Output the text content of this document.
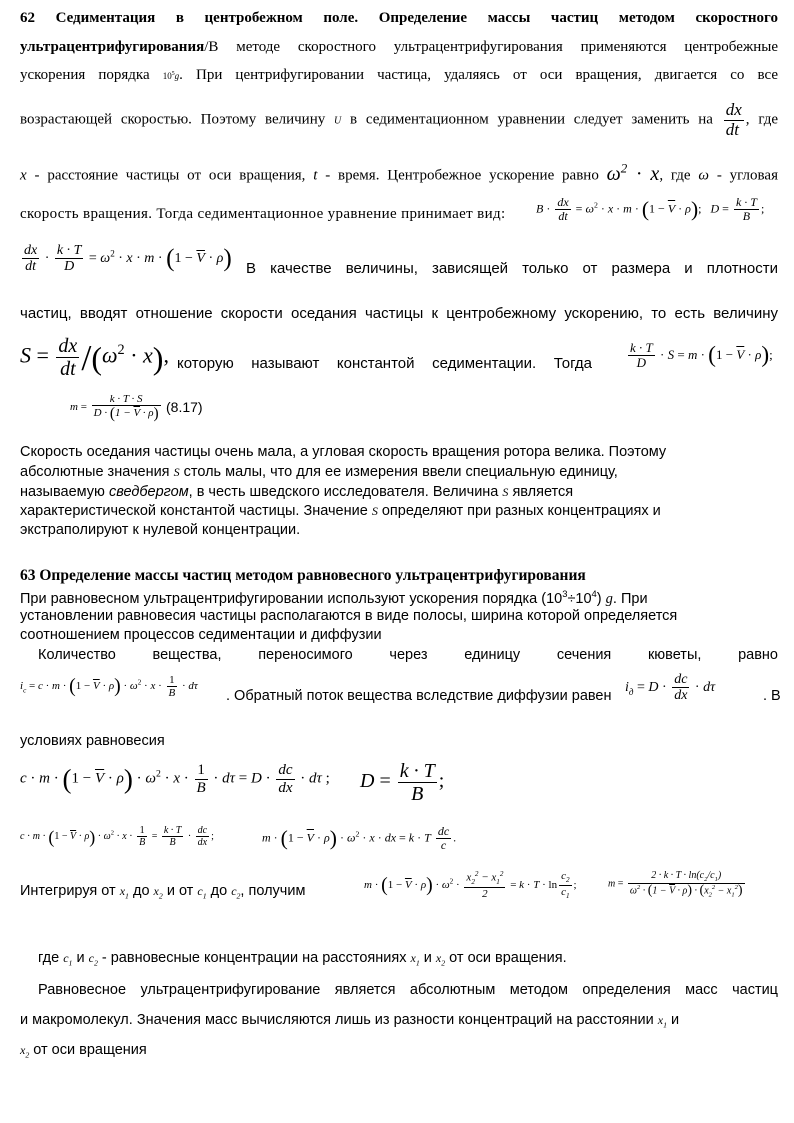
62 Седиментация в центробежном поле. Определение массы частиц методом скоростного
ультрацентрифугирования/В методе скоростного ультрацентрифугирования применяются центробежные
ускорения порядка $10^5g$. При центрифугировании частица, удаляясь от оси вращения, двигается со все
возрастающей скоростью. Поэтому величину U в седиментационном уравнении следует заменить на $\frac{dx}{dt}$ , где
x - расстояние частицы от оси вращения, t - время. Центробежное ускорение равно $\omega^2 \cdot x$, где ω - угловая
скорость вращения. Тогда седиментационное уравнение принимает вид:	$B \cdot \frac{dx}{dt} = \omega^2 \cdot x \cdot m \cdot (1 - \overline{V} \cdot \rho)$;   $D = \frac{k \cdot T}{B}$ ;
$\frac{dx}{dt} \cdot \frac{k \cdot T}{D} = \omega^2 \cdot x \cdot m \cdot (1 - \overline{V} \cdot \rho)$ В качестве величины, зависящей только от размера и плотности
частиц, вводят отношение скорости оседания частицы к центробежному ускорению, то есть величину
$S = \frac{dx}{dt} /(\omega^2 \cdot x)$, которую называют константой седиментации. Тогда	$\frac{k \cdot T}{D} \cdot S = m \cdot (1 - \overline{V} \cdot \rho)$;
$m = \frac{k \cdot T \cdot S}{D \cdot (1 - \overline{V} \cdot \rho)} (8.17)$
Скорость оседания частицы очень мала, а угловая скорость вращения ротора велика. Поэтому
абсолютные значения S столь малы, что для ее измерения ввели специальную единицу,
называемую сведбергом, в честь шведского исследователя. Величина S является
характеристической константой частицы. Значение S определяют при разных концентрациях и
экстраполируют к нулевой концентрации.
63 Определение массы частиц методом равновесного ультрацентрифугирования
При равновесном ультрацентрифугировании используют ускорения порядка $(10^3\div 10^4)$ g. При
установлении равновесия частицы располагаются в виде полосы, ширина которой определяется
соотношением процессов седиментации и диффузии
Количество вещества, переносимого через единицу сечения кюветы, равно
$i_c = c \cdot m \cdot (1 - \overline{V} \cdot \rho) \cdot \omega^2 \cdot x \cdot \frac{1}{B} \cdot d\tau$
. Обратный поток вещества вследствие диффузии равен
$i_д = D \cdot \frac{dc}{dx} \cdot d\tau$
. В
условиях равновесия
$c \cdot m \cdot (1 - \overline{V} \cdot \rho) \cdot \omega^2 \cdot x \cdot \frac{1}{B} \cdot d\tau = D \cdot \frac{dc}{dx} \cdot d\tau$ ; $D = \frac{k \cdot T}{B}$ ;
$c \cdot m \cdot (1 - \overline{V} \cdot \rho) \cdot \omega^2 \cdot x \cdot \frac{1}{B} = \frac{k \cdot T}{B} \cdot \frac{dc}{dx}$ ;	$m \cdot (1 - \overline{V} \cdot \rho) \cdot \omega^2 \cdot x$ · dx = k · T $\frac{dc}{c}$ .
Интегрируя от $x_1$ до $x_2$ и от $c_1$ до $c_2$, получим	$m \cdot (1 - \overline{V} \cdot \rho) \cdot \omega^2 \cdot \frac{x_2^2 - x_1^2}{2} = k \cdot T \cdot \ln \frac{c_2}{c_1}$ ;	$m = \frac{2 \cdot k \cdot T \cdot \ln(c_2/c_1)}{\omega^2 \cdot (1 - \overline{V} \cdot \rho) \cdot (x_2^2 - x_1^2)}$
где $c_1$ и $c_2$ - равновесные концентрации на расстояниях $x_1$ и $x_2$ от оси вращения.
Равновесное ультрацентрифугирование является абсолютным методом определения масс частиц
и макромолекул. Значения масс вычисляются лишь из разности концентраций на расстоянии $x_1$ и
$x_2$ от оси вращения
